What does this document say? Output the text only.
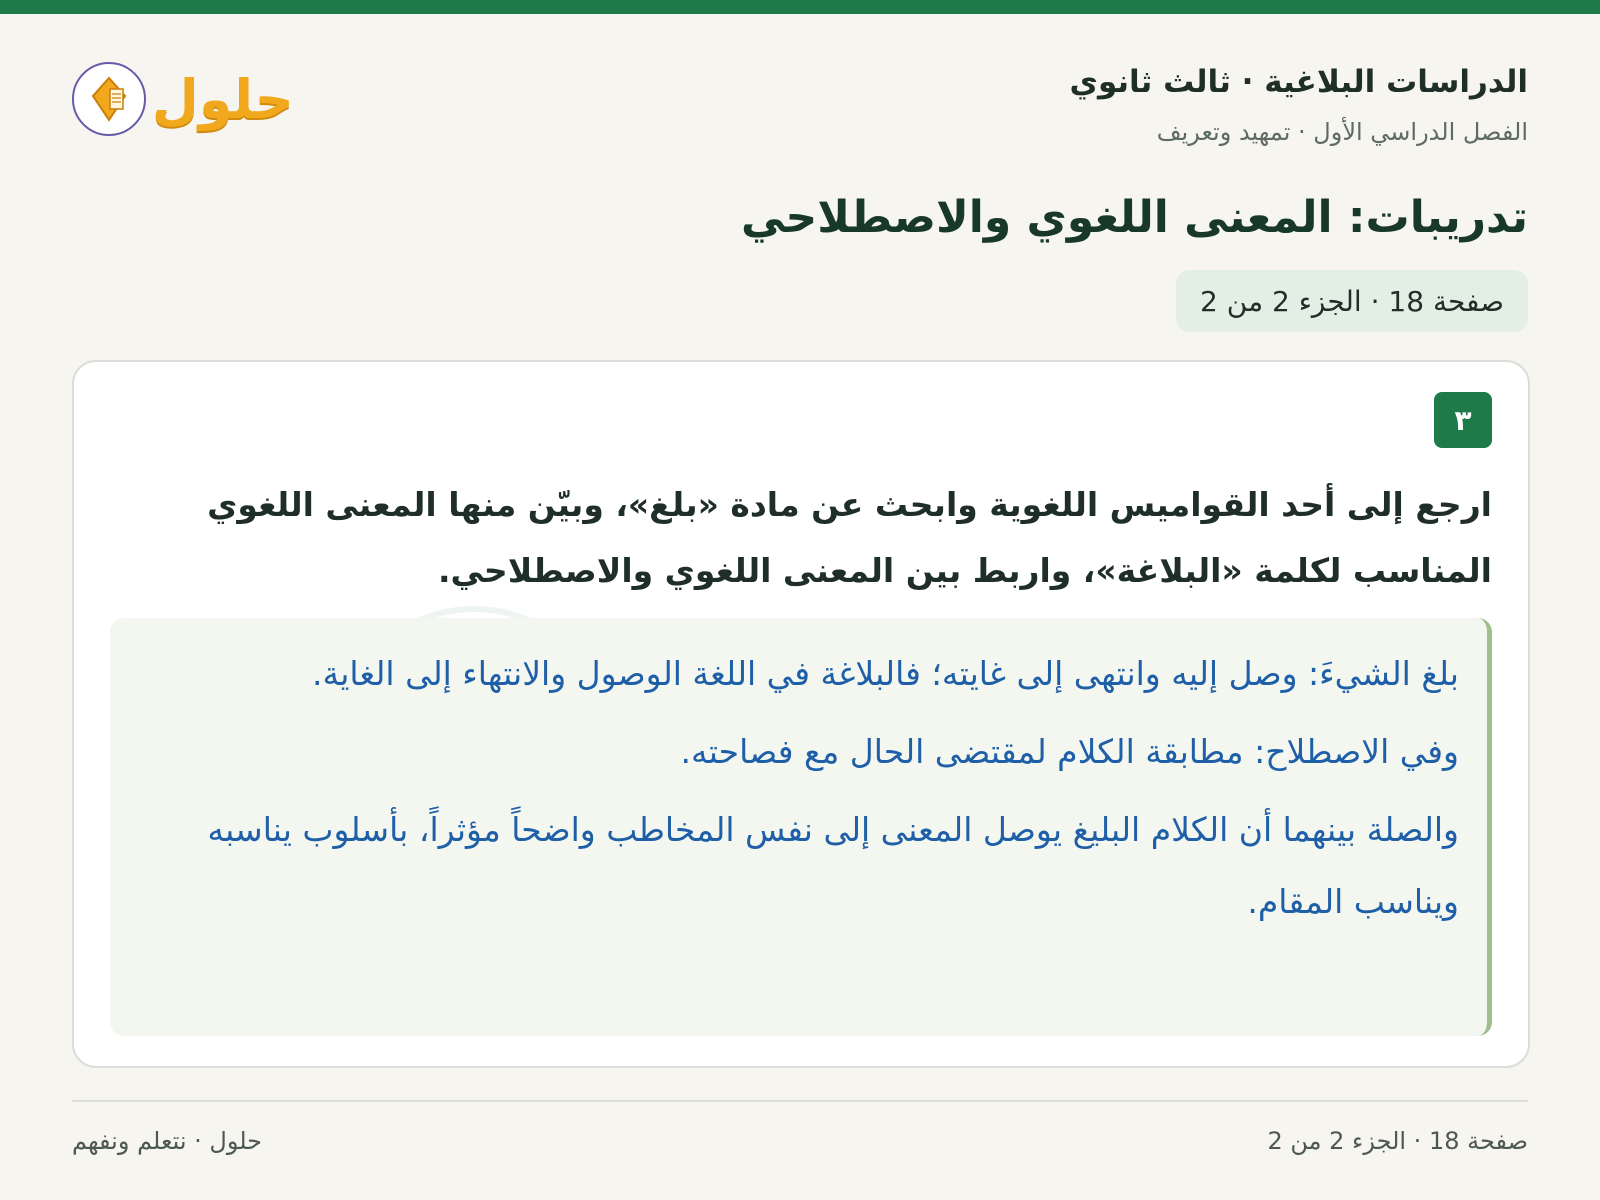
حلول	الدراسات البلاغية · ثالث ثانوي
الفصل الدراسي الأول · تمهيد وتعريف
تدريبات: المعنى اللغوي والاصطلاحي
صفحة 18 · الجزء 2 من 2
٣

ارجع إلى أحد القواميس اللغوية وابحث عن مادة «بلغ»، وبيّن منها المعنى اللغوي المناسب لكلمة «البلاغة»، واربط بين المعنى اللغوي والاصطلاحي.

بلغ الشيءَ: وصل إليه وانتهى إلى غايته؛ فالبلاغة في اللغة الوصول والانتهاء إلى الغاية.

وفي الاصطلاح: مطابقة الكلام لمقتضى الحال مع فصاحته.

والصلة بينهما أن الكلام البليغ يوصل المعنى إلى نفس المخاطب واضحاً مؤثراً، بأسلوب يناسبه ويناسب المقام.

حلول · نتعلم ونفهم	صفحة 18 · الجزء 2 من 2
